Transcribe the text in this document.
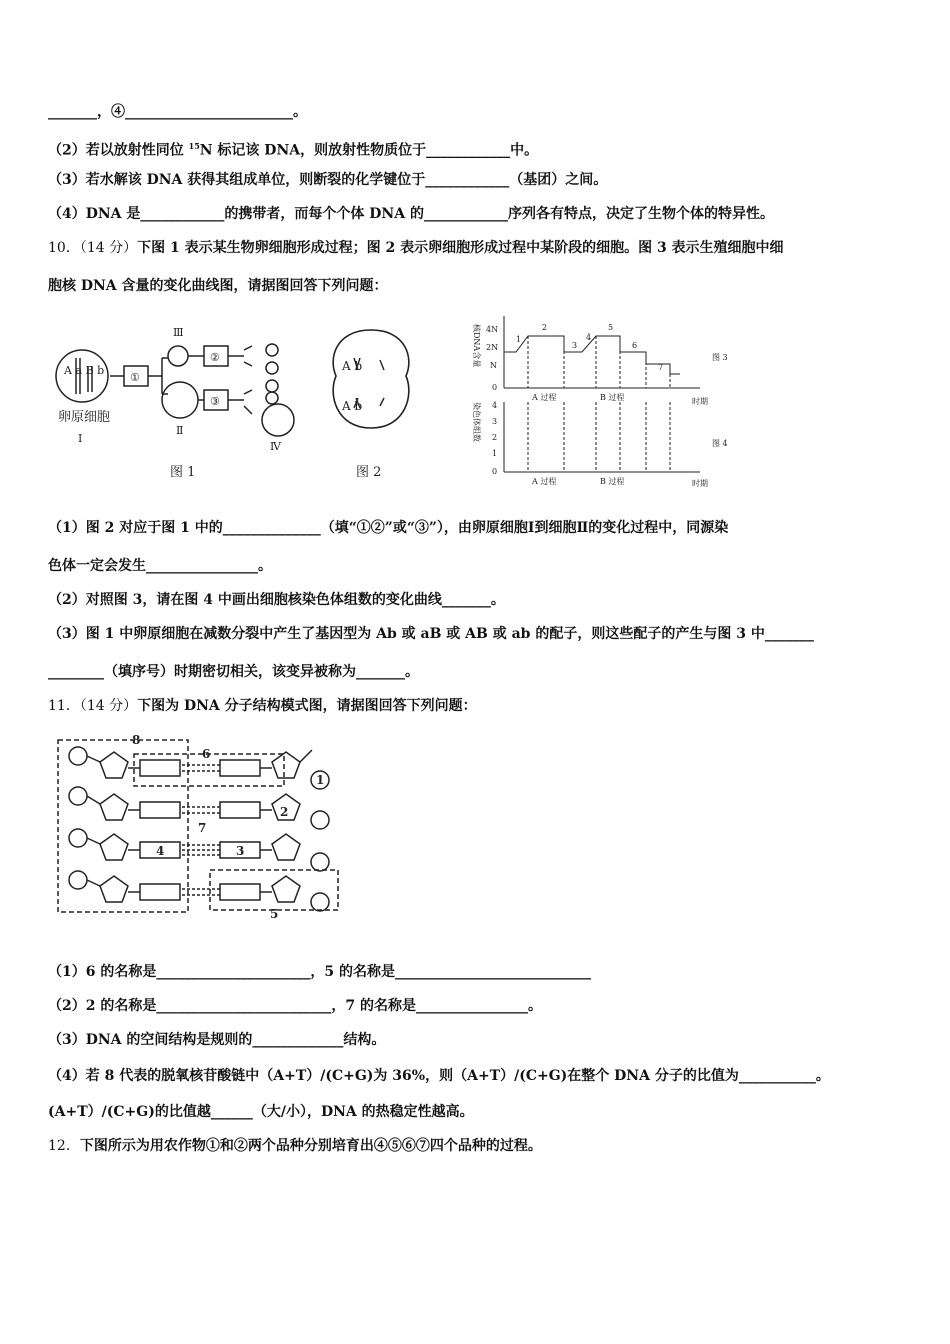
_______，④________________________。
（2）若以放射性同位 $^{15}$N 标记该 DNA，则放射性物质位于____________中。
（3）若水解该 DNA 获得其组成单位，则断裂的化学键位于____________（基团）之间。
（4）DNA 是____________的携带者，而每个个体 DNA 的____________序列各有特点，决定了生物个体的特异性。
10．（14 分）下图 1 表示某生物卵细胞形成过程；图 2 表示卵细胞形成过程中某阶段的细胞。图 3 表示生殖细胞中细
胞核 DNA 含量的变化曲线图，请据图回答下列问题：
A a B b
卵原细胞
Ⅰ
Ⅲ
Ⅱ
Ⅳ
①
②
③
图 1
A b
A b
图 2
核DNA含量 4N
2N
N
0
1
2
3
4
5
6
7
A 过程	B 过程	时期
图 3
染色体组数 4
3
2
1
0
A 过程	B 过程	时期
图 4
（1）图 2 对应于图 1 中的______________（填“①②”或“③”），由卵原细胞Ⅰ到细胞Ⅱ的变化过程中，同源染
色体一定会发生________________。
（2）对照图 3，请在图 4 中画出细胞核染色体组数的变化曲线_______。
（3）图 1 中卵原细胞在减数分裂中产生了基因型为 Ab 或 aB 或 AB 或 ab 的配子，则这些配子的产生与图 3 中_______
________（填序号）时期密切相关，该变异被称为_______。
11．（14 分）下图为 DNA 分子结构模式图，请据图回答下列问题：
8
6
1
2
7
4	3
5
（1）6 的名称是______________________，5 的名称是____________________________
（2）2 的名称是_________________________，7 的名称是________________。
（3）DNA 的空间结构是规则的_____________结构。
（4）若 8 代表的脱氧核苷酸链中（A+T）/(C+G)为 36%，则（A+T）/(C+G)在整个 DNA 分子的比值为___________。
(A+T）/(C+G)的比值越______（大/小），DNA 的热稳定性越高。
12．下图所示为用农作物①和②两个品种分别培育出④⑤⑥⑦四个品种的过程。
